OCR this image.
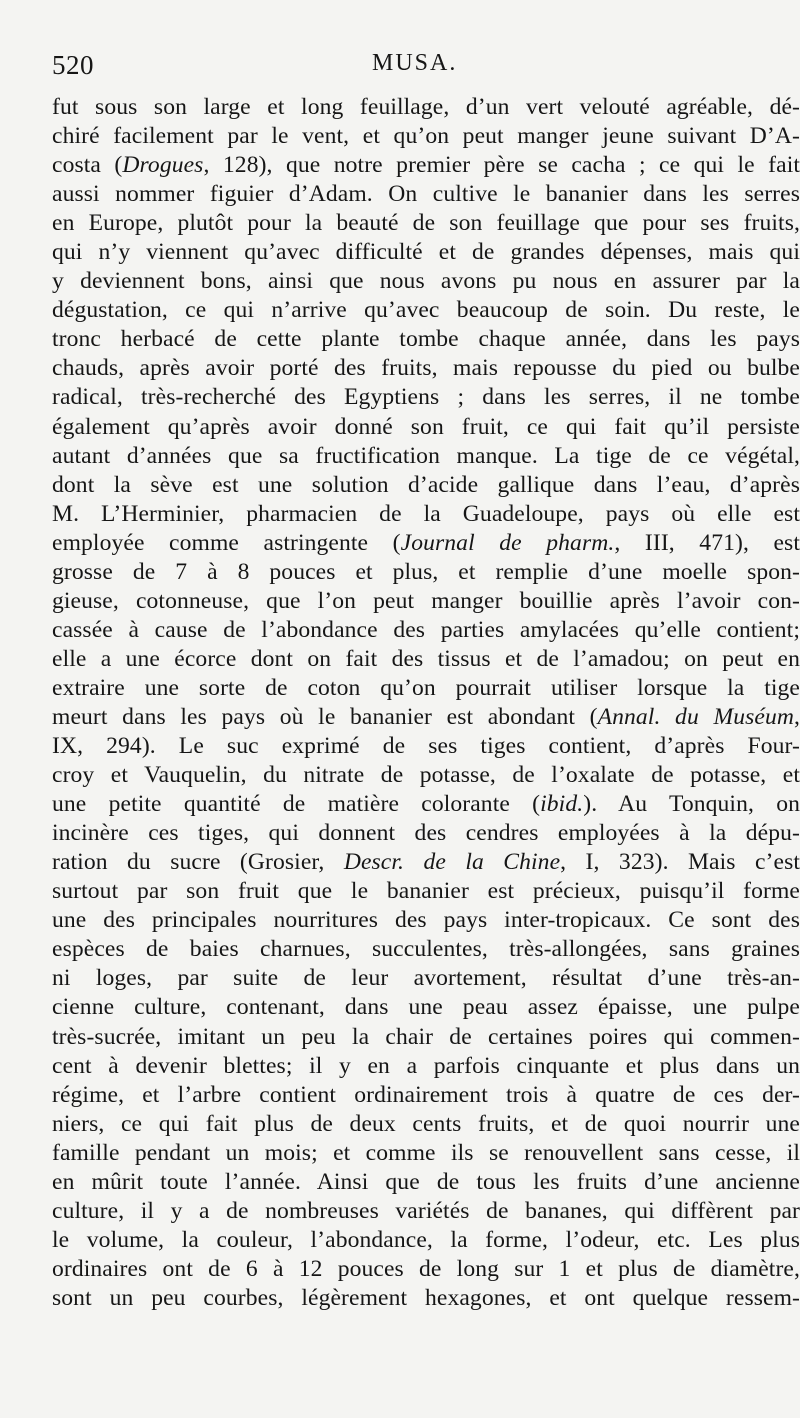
520	MUSA.
fut sous son large et long feuillage, d’un vert velouté agréable, dé-
chiré facilement par le vent, et qu’on peut manger jeune suivant D’A-
costa (Drogues, 128), que notre premier père se cacha ; ce qui le fait
aussi nommer figuier d’Adam. On cultive le bananier dans les serres
en Europe, plutôt pour la beauté de son feuillage que pour ses fruits,
qui n’y viennent qu’avec difficulté et de grandes dépenses, mais qui
y deviennent bons, ainsi que nous avons pu nous en assurer par la
dégustation, ce qui n’arrive qu’avec beaucoup de soin. Du reste, le
tronc herbacé de cette plante tombe chaque année, dans les pays
chauds, après avoir porté des fruits, mais repousse du pied ou bulbe
radical, très-recherché des Egyptiens ; dans les serres, il ne tombe
également qu’après avoir donné son fruit, ce qui fait qu’il persiste
autant d’années que sa fructification manque. La tige de ce végétal,
dont la sève est une solution d’acide gallique dans l’eau, d’après
M. L’Herminier, pharmacien de la Guadeloupe, pays où elle est
employée comme astringente (Journal de pharm., III, 471), est
grosse de 7 à 8 pouces et plus, et remplie d’une moelle spon-
gieuse, cotonneuse, que l’on peut manger bouillie après l’avoir con-
cassée à cause de l’abondance des parties amylacées qu’elle contient;
elle a une écorce dont on fait des tissus et de l’amadou; on peut en
extraire une sorte de coton qu’on pourrait utiliser lorsque la tige
meurt dans les pays où le bananier est abondant (Annal. du Muséum,
IX, 294). Le suc exprimé de ses tiges contient, d’après Four-
croy et Vauquelin, du nitrate de potasse, de l’oxalate de potasse, et
une petite quantité de matière colorante (ibid.). Au Tonquin, on
incinère ces tiges, qui donnent des cendres employées à la dépu-
ration du sucre (Grosier, Descr. de la Chine, I, 323). Mais c’est
surtout par son fruit que le bananier est précieux, puisqu’il forme
une des principales nourritures des pays inter-tropicaux. Ce sont des
espèces de baies charnues, succulentes, très-allongées, sans graines
ni loges, par suite de leur avortement, résultat d’une très-an-
cienne culture, contenant, dans une peau assez épaisse, une pulpe
très-sucrée, imitant un peu la chair de certaines poires qui commen-
cent à devenir blettes; il y en a parfois cinquante et plus dans un
régime, et l’arbre contient ordinairement trois à quatre de ces der-
niers, ce qui fait plus de deux cents fruits, et de quoi nourrir une
famille pendant un mois; et comme ils se renouvellent sans cesse, il
en mûrit toute l’année. Ainsi que de tous les fruits d’une ancienne
culture, il y a de nombreuses variétés de bananes, qui diffèrent par
le volume, la couleur, l’abondance, la forme, l’odeur, etc. Les plus
ordinaires ont de 6 à 12 pouces de long sur 1 et plus de diamètre,
sont un peu courbes, légèrement hexagones, et ont quelque ressem-
